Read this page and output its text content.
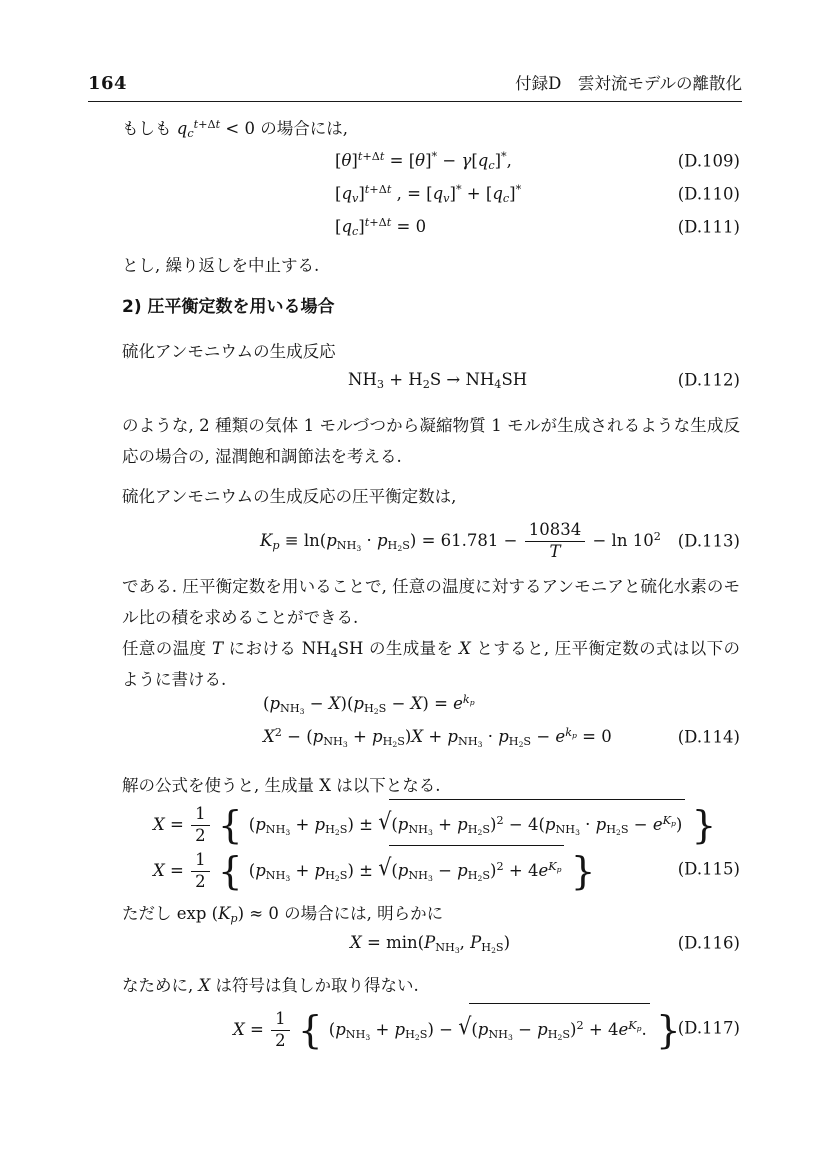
164	付録D　雲対流モデルの離散化

もしも $q_c^{t+\Delta t} < 0$ の場合には,

$[\theta]^{t+\Delta t} = [\theta]^* - \gamma[q_c]^*$,	(D.109)
$[q_v]^{t+\Delta t}$ , = $[q_v]^* + [q_c]^*$	(D.110)
$[q_c]^{t+\Delta t} = 0$	(D.111)

とし, 繰り返しを中止する.

2) 圧平衡定数を用いる場合

硫化アンモニウムの生成反応

$NH_3 + H_2S \to NH_4SH$	(D.112)

のような, 2 種類の気体 1 モルづつから凝縮物質 1 モルが生成されるような生成反応の場合の, 湿潤飽和調節法を考える.

硫化アンモニウムの生成反応の圧平衡定数は,

$K_p \equiv \ln(p_{NH_3} \cdot p_{H_2S}) = 61.781 - \frac{10834}{T} - \ln 10^2$ (D.113)

である. 圧平衡定数を用いることで, 任意の温度に対するアンモニアと硫化水素のモル比の積を求めることができる.

任意の温度 T における $NH_4SH$ の生成量を X とすると, 圧平衡定数の式は以下のように書ける.

$(p_{NH_3} - X)(p_{H_2S} - X) = e^{k_p}$
$X^2 - (p_{NH_3} + p_{H_2S})X + p_{NH_3} \cdot p_{H_2S} - e^{k_p} = 0$	(D.114)

解の公式を使うと, 生成量 X は以下となる.

$X = \frac{1}{2}$ { $(p_{NH_3} + p_{H_2S}) \pm √(p_{NH_3} + p_{H_2S})^2 - 4(p_{NH_3} \cdot p_{H_2S} - e^{K_p})$ }
$X = \frac{1}{2}$ { $(p_{NH_3} + p_{H_2S}) \pm √(p_{NH_3} - p_{H_2S})^2 + 4e^{K_p}$ }	(D.115)

ただし $\exp (K_p) \approx 0$ の場合には, 明らかに

$X = \min(P_{NH_3}$, $P_{H_2S}$)	(D.116)

なために, X は符号は負しか取り得ない.

$X = \frac{1}{2}$ { $(p_{NH_3} + p_{H_2S}) - √(p_{NH_3} - p_{H_2S})^2 + 4e^{K_p}$. }
(D.117)
